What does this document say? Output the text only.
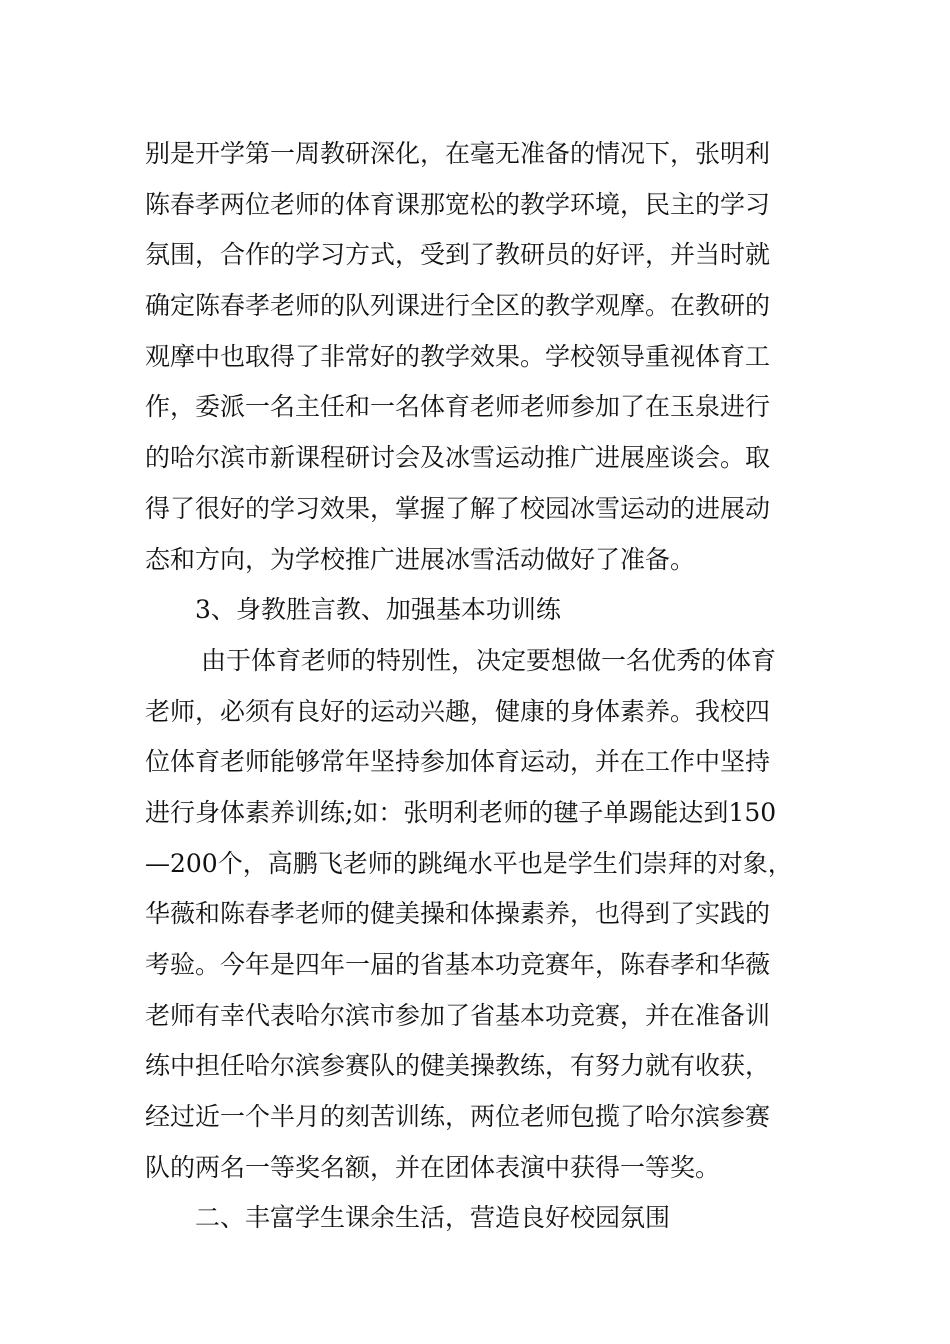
别是开学第一周教研深化，在毫无准备的情况下，张明利
陈春孝两位老师的体育课那宽松的教学环境，民主的学习
氛围，合作的学习方式，受到了教研员的好评，并当时就
确定陈春孝老师的队列课进行全区的教学观摩。在教研的
观摩中也取得了非常好的教学效果。学校领导重视体育工
作，委派一名主任和一名体育老师老师参加了在玉泉进行
的哈尔滨市新课程研讨会及冰雪运动推广进展座谈会。取
得了很好的学习效果，掌握了解了校园冰雪运动的进展动
态和方向，为学校推广进展冰雪活动做好了准备。
3、身教胜言教、加强基本功训练
由于体育老师的特别性，决定要想做一名优秀的体育
老师，必须有良好的运动兴趣，健康的身体素养。我校四
位体育老师能够常年坚持参加体育运动，并在工作中坚持
进行身体素养训练;如：张明利老师的毽子单踢能达到150
—200个，高鹏飞老师的跳绳水平也是学生们崇拜的对象，
华薇和陈春孝老师的健美操和体操素养，也得到了实践的
考验。今年是四年一届的省基本功竞赛年，陈春孝和华薇
老师有幸代表哈尔滨市参加了省基本功竞赛，并在准备训
练中担任哈尔滨参赛队的健美操教练，有努力就有收获，
经过近一个半月的刻苦训练，两位老师包揽了哈尔滨参赛
队的两名一等奖名额，并在团体表演中获得一等奖。
二、丰富学生课余生活，营造良好校园氛围
